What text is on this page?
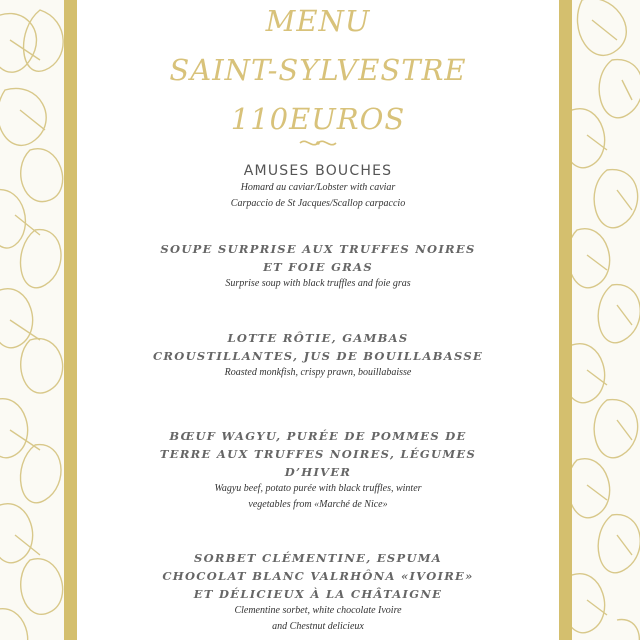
MENU
SAINT-SYLVESTRE
110EUROS
AMUSES BOUCHES
Homard au caviar/Lobster with caviar
Carpaccio de St Jacques/Scallop carpaccio
SOUPE SURPRISE AUX TRUFFES NOIRES
ET FOIE GRAS
Surprise soup with black truffles and foie gras
LOTTE RÔTIE, GAMBAS
CROUSTILLANTES, JUS DE BOUILLABASSE
Roasted monkfish, crispy prawn, bouillabaisse
BŒUF WAGYU, PURÉE DE POMMES DE
TERRE AUX TRUFFES NOIRES, LÉGUMES
D’HIVER
Wagyu beef, potato purée with black truffles, winter
vegetables from «Marché de Nice»
SORBET CLÉMENTINE, ESPUMA
CHOCOLAT BLANC VALRHÔNA «IVOIRE»
ET DÉLICIEUX À LA CHÂTAIGNE
Clementine sorbet, white chocolate Ivoire
and Chestnut delicieux
